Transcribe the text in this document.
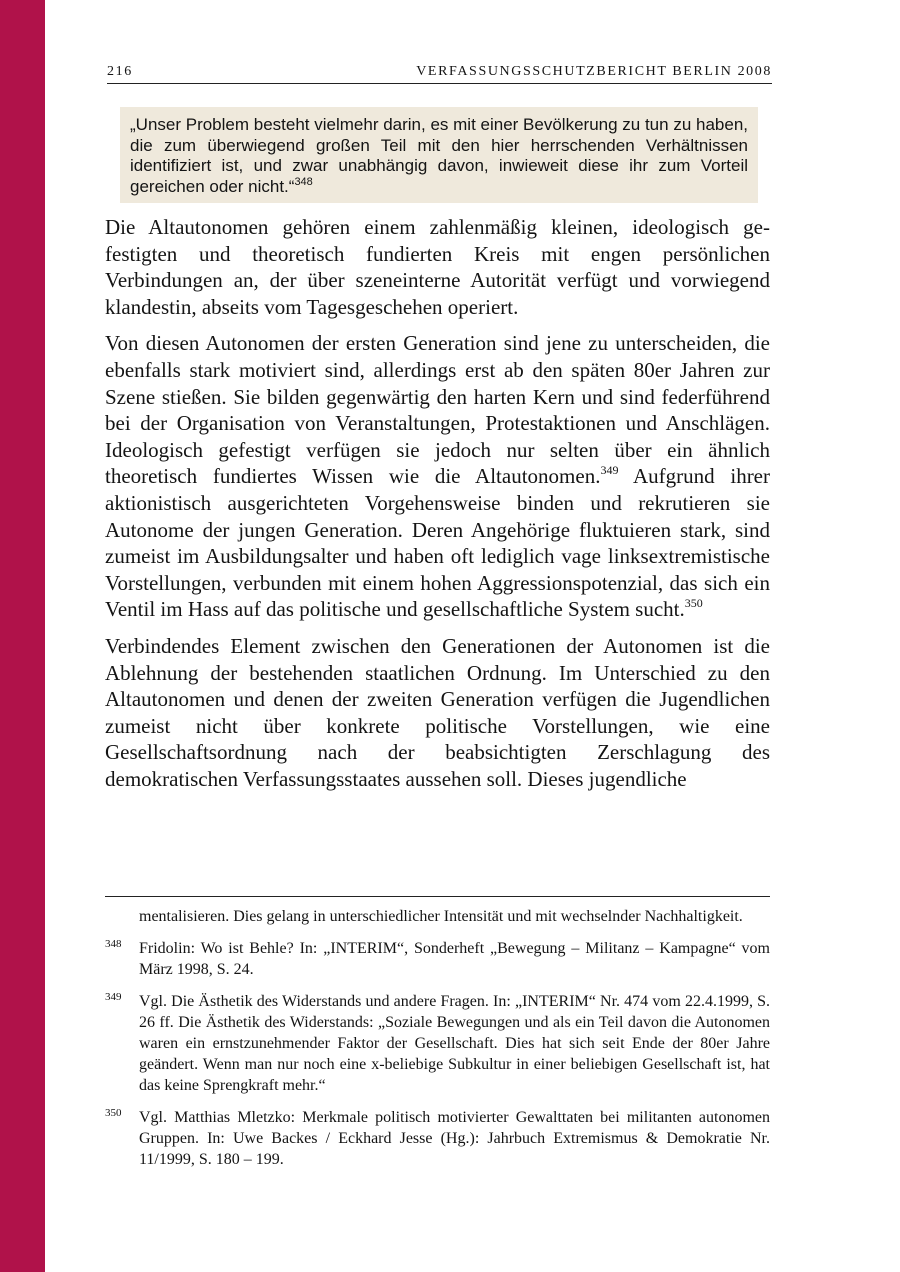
216	VERFASSUNGSSCHUTZBERICHT BERLIN 2008
„Unser Problem besteht vielmehr darin, es mit einer Bevölkerung zu tun zu haben, die zum überwiegend großen Teil mit den hier herrschenden Verhältnissen identifiziert ist, und zwar unabhängig davon, inwieweit diese ihr zum Vorteil gereichen oder nicht.“$^{348}$

Die Altautonomen gehören einem zahlenmäßig kleinen, ideologisch gefestigten und theoretisch fundierten Kreis mit engen persönlichen Verbindungen an, der über szeneinterne Autorität verfügt und vorwiegend klandestin, abseits vom Tagesgeschehen operiert.

Von diesen Autonomen der ersten Generation sind jene zu unterscheiden, die ebenfalls stark motiviert sind, allerdings erst ab den späten 80er Jahren zur Szene stießen. Sie bilden gegenwärtig den harten Kern und sind federführend bei der Organisation von Veranstaltungen, Protestaktionen und Anschlägen. Ideologisch gefestigt verfügen sie jedoch nur selten über ein ähnlich theoretisch fundiertes Wissen wie die Altautonomen.$^{349}$ Aufgrund ihrer aktionistisch ausgerichteten Vorgehensweise binden und rekrutieren sie Autonome der jungen Generation. Deren Angehörige fluktuieren stark, sind zumeist im Ausbildungsalter und haben oft lediglich vage linksextremistische Vorstellungen, verbunden mit einem hohen Aggressionspotenzial, das sich ein Ventil im Hass auf das politische und gesellschaftliche System sucht.$^{350}$

Verbindendes Element zwischen den Generationen der Autonomen ist die Ablehnung der bestehenden staatlichen Ordnung. Im Unterschied zu den Altautonomen und denen der zweiten Generation verfügen die Jugendlichen zumeist nicht über konkrete politische Vorstellungen, wie eine Gesellschaftsordnung nach der beabsichtigten Zerschlagung des demokratischen Verfassungsstaates aussehen soll. Dieses jugendliche

mentalisieren. Dies gelang in unterschiedlicher Intensität und mit wechselnder Nachhaltigkeit.
348 Fridolin: Wo ist Behle? In: „INTERIM“, Sonderheft „Bewegung – Militanz – Kampagne“ vom März 1998, S. 24.
349 Vgl. Die Ästhetik des Widerstands und andere Fragen. In: „INTERIM“ Nr. 474 vom 22.4.1999, S. 26 ff. Die Ästhetik des Widerstands: „Soziale Bewegungen und als ein Teil davon die Autonomen waren ein ernstzunehmender Faktor der Gesellschaft. Dies hat sich seit Ende der 80er Jahre geändert. Wenn man nur noch eine x-beliebige Subkultur in einer beliebigen Gesellschaft ist, hat das keine Sprengkraft mehr.“
350 Vgl. Matthias Mletzko: Merkmale politisch motivierter Gewalttaten bei militanten autonomen Gruppen. In: Uwe Backes / Eckhard Jesse (Hg.): Jahrbuch Extremismus & Demokratie Nr. 11/1999, S. 180 – 199.
